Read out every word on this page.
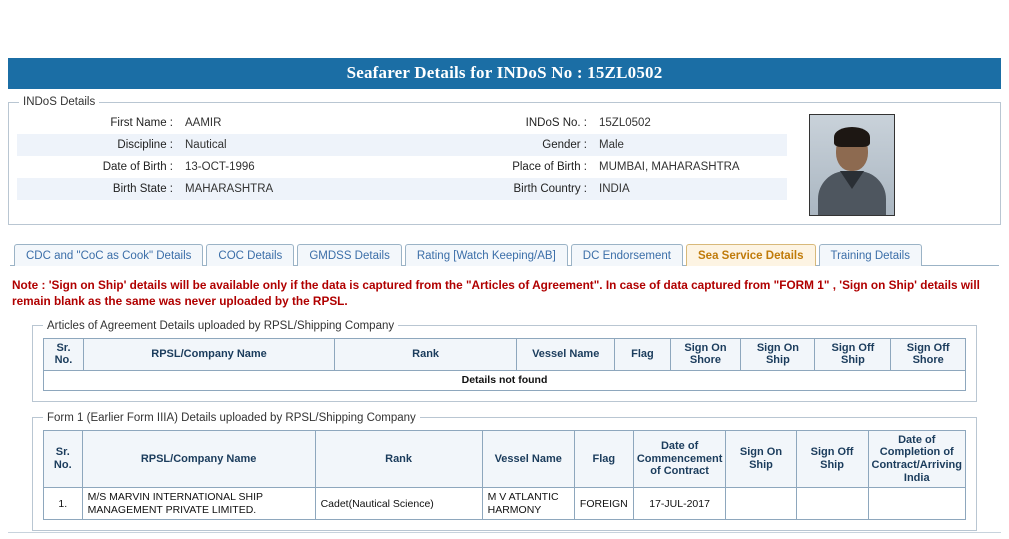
Seafarer Details for INDoS No : 15ZL0502
INDoS Details
First Name :	AAMIR	INDoS No. :	15ZL0502
Discipline :	Nautical	Gender :	Male
Date of Birth :	13-OCT-1996	Place of Birth :	MUMBAI, MAHARASHTRA
Birth State :	MAHARASHTRA	Birth Country :	INDIA
CDC and "CoC as Cook" Details	COC Details	GMDSS Details	Rating [Watch Keeping/AB]	DC Endorsement	Sea Service Details	Training Details
Note : 'Sign on Ship' details will be available only if the data is captured from the "Articles of Agreement". In case of data captured from "FORM 1" , 'Sign on Ship' details will remain blank as the same was never uploaded by the RPSL.
Articles of Agreement Details uploaded by RPSL/Shipping Company
Sr. No.	RPSL/Company Name	Rank	Vessel Name	Flag	Sign On Shore	Sign On Ship	Sign Off Ship	Sign Off Shore
Details not found
Form 1 (Earlier Form IIIA) Details uploaded by RPSL/Shipping Company
Sr. No.	RPSL/Company Name	Rank	Vessel Name	Flag	Date of Commencement of Contract	Sign On Ship	Sign Off Ship	Date of Completion of Contract/Arriving India
1.	M/S MARVIN INTERNATIONAL SHIP MANAGEMENT PRIVATE LIMITED.	Cadet(Nautical Science)	M V ATLANTIC HARMONY	FOREIGN	17-JUL-2017			
